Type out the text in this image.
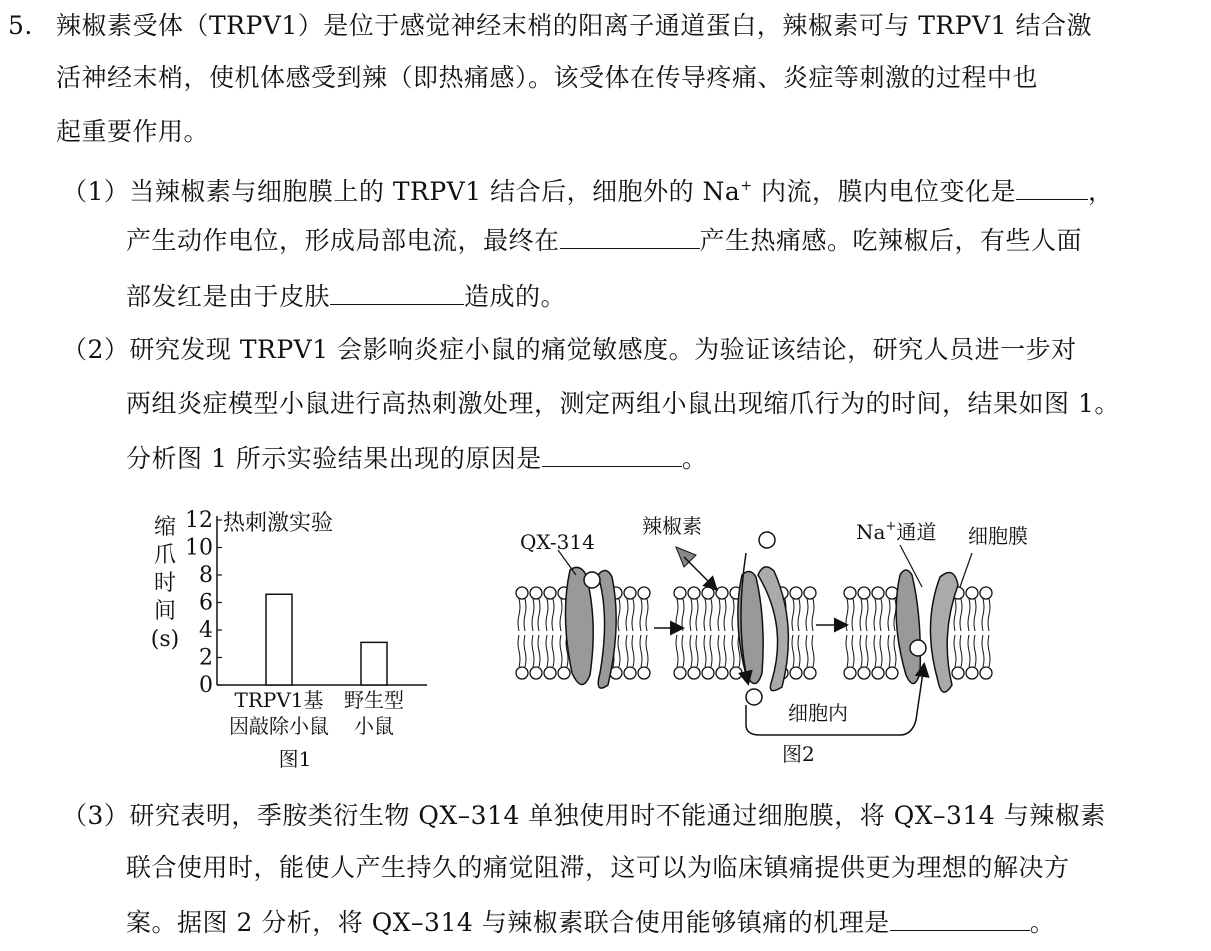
5. 辣椒素受体（TRPV1）是位于感觉神经末梢的阳离子通道蛋白，辣椒素可与 TRPV1 结合激
活神经末梢，使机体感受到辣（即热痛感）。该受体在传导疼痛、炎症等刺激的过程中也
起重要作用。
（1）当辣椒素与细胞膜上的 TRPV1 结合后，细胞外的 Na+ 内流，膜内电位变化是	，
产生动作电位，形成局部电流，最终在	产生热痛感。吃辣椒后，有些人面
部发红是由于皮肤	造成的。
（2）研究发现 TRPV1 会影响炎症小鼠的痛觉敏感度。为验证该结论，研究人员进一步对
两组炎症模型小鼠进行高热刺激处理，测定两组小鼠出现缩爪行为的时间，结果如图 1。
分析图 1 所示实验结果出现的原因是	。
缩
爪
时
间
(s)
热刺激实验
0
2
4
6
8
10
12
TRPV1基
因敲除小鼠
野生型
小鼠
图1
QX-314
辣椒素	Na+通道 细胞膜
细胞内
图2
（3）研究表明，季胺类衍生物 QX–314 单独使用时不能通过细胞膜，将 QX–314 与辣椒素
联合使用时，能使人产生持久的痛觉阻滞，这可以为临床镇痛提供更为理想的解决方
案。据图 2 分析，将 QX–314 与辣椒素联合使用能够镇痛的机理是	。
